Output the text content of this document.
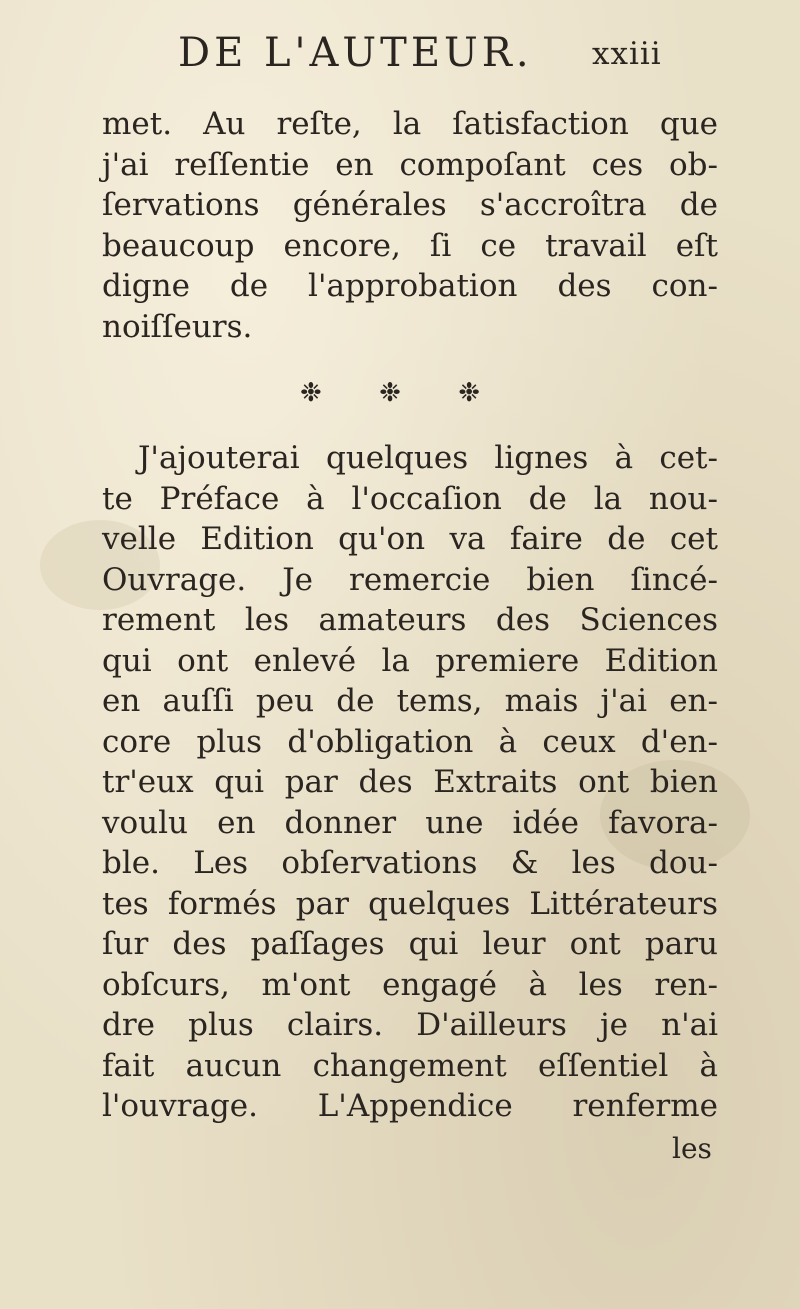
DE L'AUTEUR. xxiii
met. Au reſte, la ſatisfaction que
j'ai reſſentie en compoſant ces ob-
ſervations générales s'accroîtra de
beaucoup encore, ſi ce travail eſt
digne de l'approbation des con-
noiſſeurs.
❉ ❉ ❉
J'ajouterai quelques lignes à cet-
te Préface à l'occaſion de la nou-
velle Edition qu'on va faire de cet
Ouvrage. Je remercie bien ſincé-
rement les amateurs des Sciences
qui ont enlevé la premiere Edition
en auſſi peu de tems, mais j'ai en-
core plus d'obligation à ceux d'en-
tr'eux qui par des Extraits ont bien
voulu en donner une idée favora-
ble. Les obſervations & les dou-
tes formés par quelques Littérateurs
ſur des paſſages qui leur ont paru
obſcurs, m'ont engagé à les ren-
dre plus clairs. D'ailleurs je n'ai
fait aucun changement eſſentiel à
l'ouvrage. L'Appendice renferme
les
